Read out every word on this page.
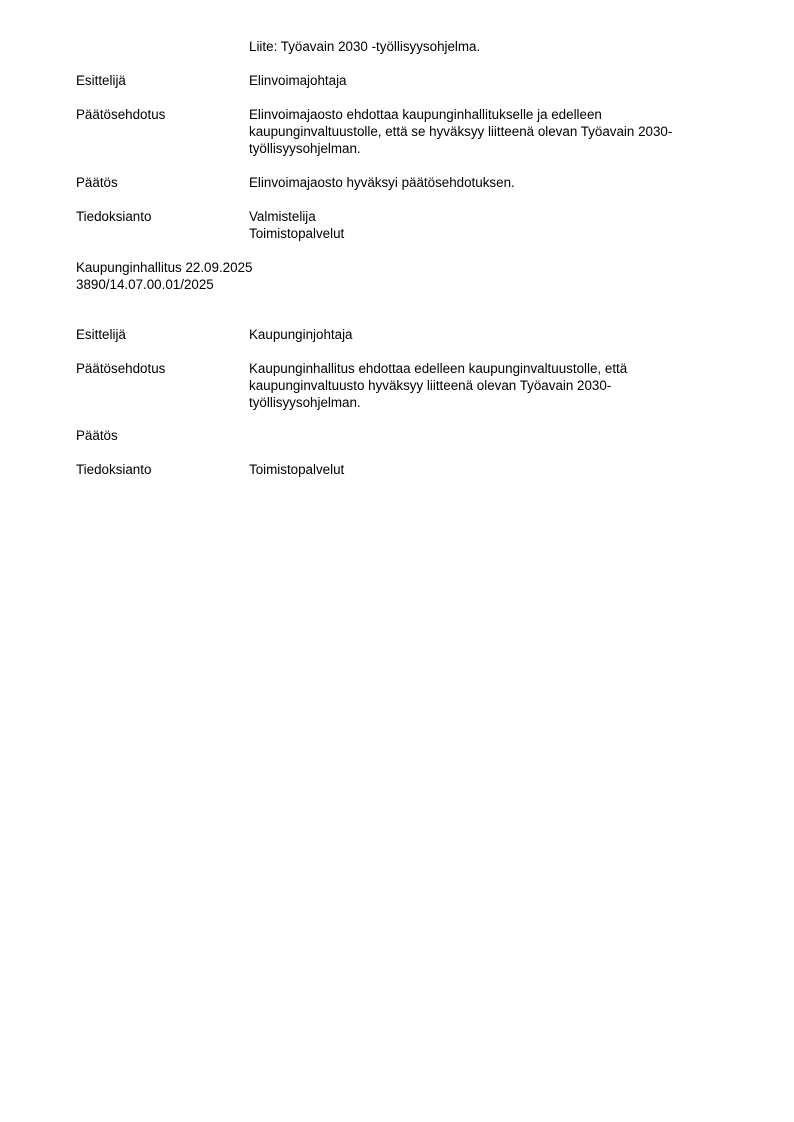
Liite: Työavain 2030 -työllisyysohjelma.
Esittelijä	Elinvoimajohtaja
Päätösehdotus	Elinvoimajaosto ehdottaa kaupunginhallitukselle ja edelleen
kaupunginvaltuustolle, että se hyväksyy liitteenä olevan Työavain 2030-
työllisyysohjelman.
Päätös	Elinvoimajaosto hyväksyi päätösehdotuksen.
Tiedoksianto	Valmistelija
Toimistopalvelut
Kaupunginhallitus 22.09.2025
3890/14.07.00.01/2025
Esittelijä	Kaupunginjohtaja
Päätösehdotus	Kaupunginhallitus ehdottaa edelleen kaupunginvaltuustolle, että
kaupunginvaltuusto hyväksyy liitteenä olevan Työavain 2030-
työllisyysohjelman.
Päätös
Tiedoksianto	Toimistopalvelut
